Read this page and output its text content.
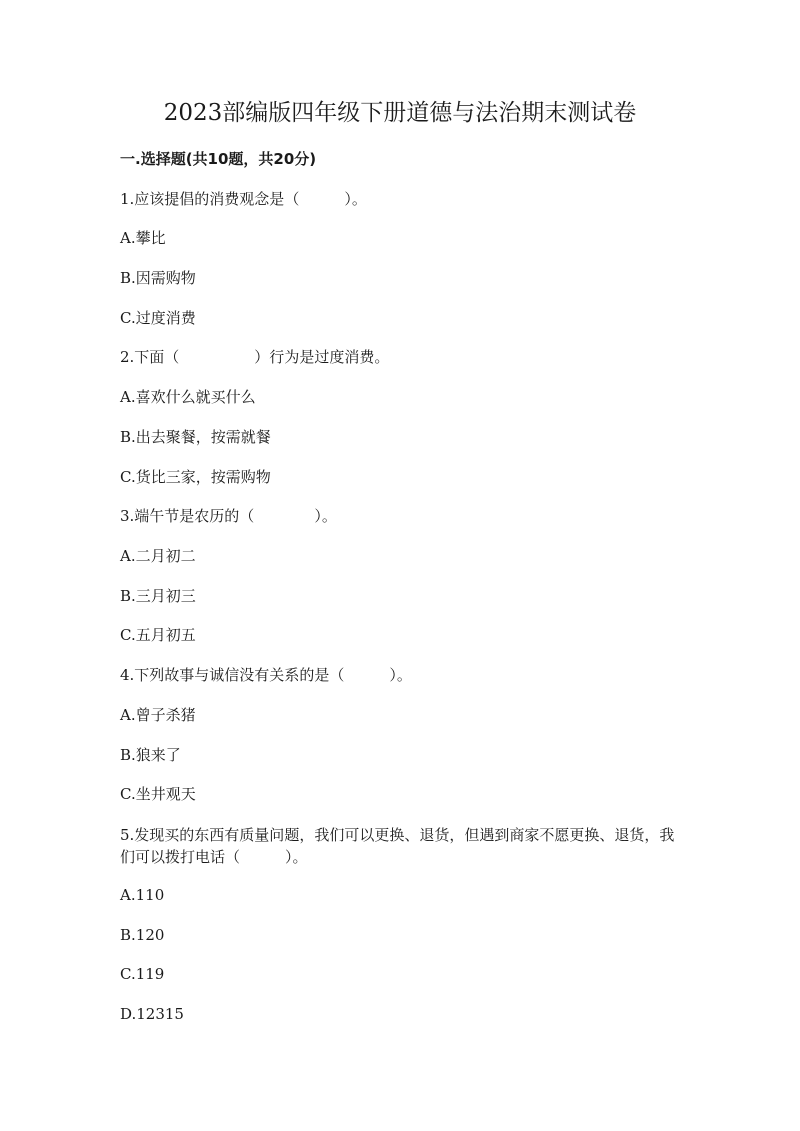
2023部编版四年级下册道德与法治期末测试卷
一.选择题(共10题，共20分)
1.应该提倡的消费观念是（　　　）。
A.攀比
B.因需购物
C.过度消费
2.下面（　　　　　）行为是过度消费。
A.喜欢什么就买什么
B.出去聚餐，按需就餐
C.货比三家，按需购物
3.端午节是农历的（　　　　）。
A.二月初二
B.三月初三
C.五月初五
4.下列故事与诚信没有关系的是（　　　）。
A.曾子杀猪
B.狼来了
C.坐井观天
5.发现买的东西有质量问题，我们可以更换、退货，但遇到商家不愿更换、退货，我们可以拨打电话（　　　）。
A.110
B.120
C.119
D.12315
